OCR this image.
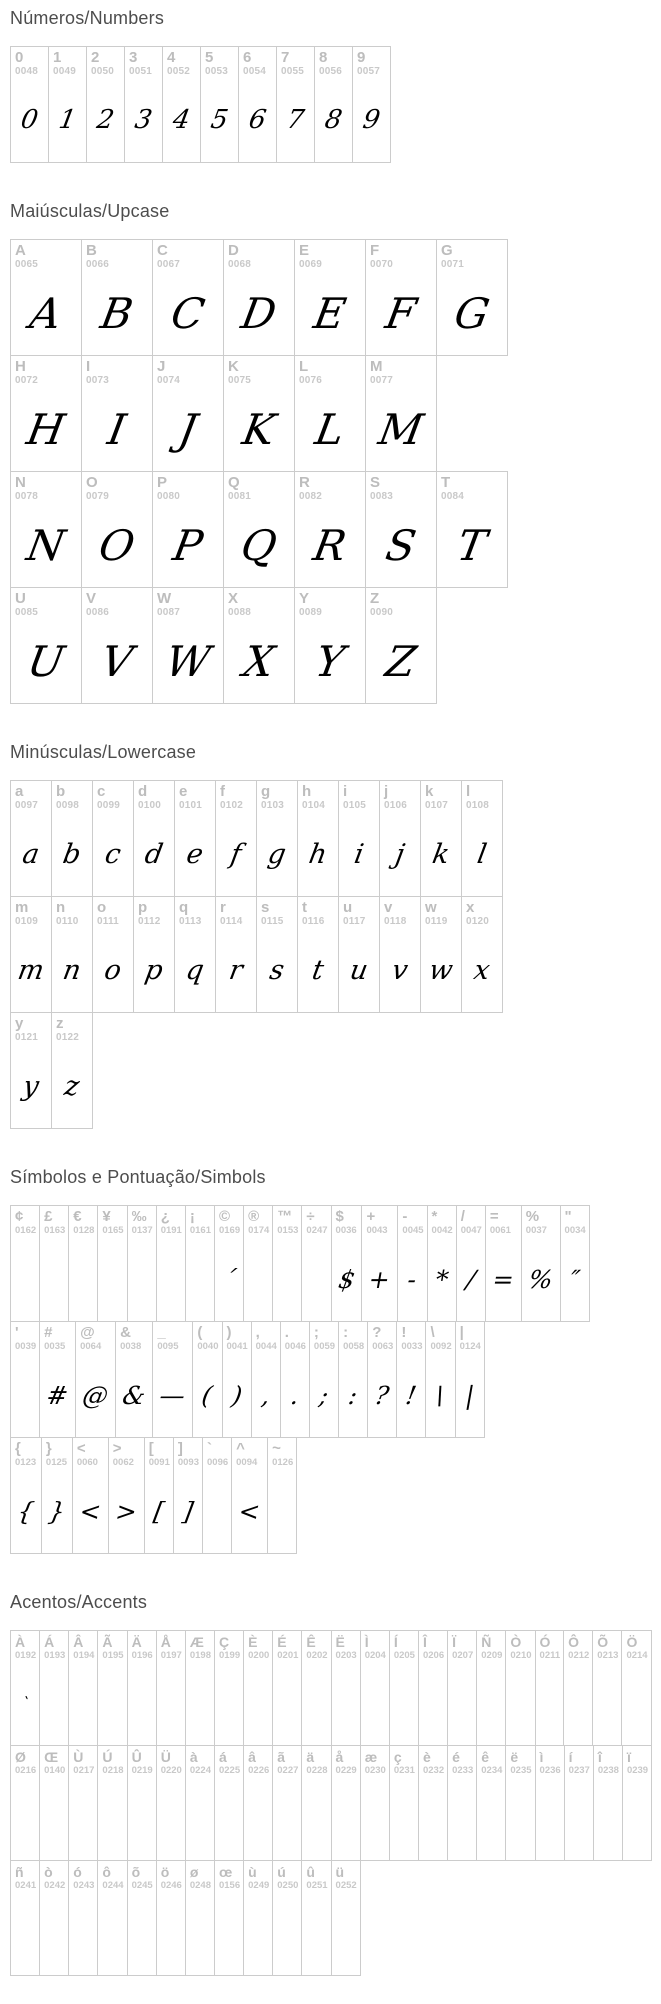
Números/Numbers
0
0048
0
1
0049
1
2
0050
2
3
0051
3
4
0052
4
5
0053
5
6
0054
6
7
0055
7
8
0056
8
9
0057
9
Maiúsculas/Upcase
A
0065
A
B
0066
B
C
0067
C
D
0068
D
E
0069
E
F
0070
F
G
0071
G
H
0072
H
I
0073
I
J
0074
J
K
0075
K
L
0076
L
M
0077
M
N
0078
N
O
0079
O
P
0080
P
Q
0081
Q
R
0082
R
S
0083
S
T
0084
T
U
0085
U
V
0086
V
W
0087
W
X
0088
X
Y
0089
Y
Z
0090
Z
Minúsculas/Lowercase
a
0097
a
b
0098
b
c
0099
c
d
0100
d
e
0101
e
f
0102
f
g
0103
g
h
0104
h
i
0105
i
j
0106
j
k
0107
k
l
0108
l
m
0109
m
n
0110
n
o
0111
o
p
0112
p
q
0113
q
r
0114
r
s
0115
s
t
0116
t
u
0117
u
v
0118
v
w
0119
w
x
0120
x
y
0121
y
z
0122
z
Símbolos e Pontuação/Simbols
¢
0162
£
0163
€
0128
¥
0165
‰
0137
¿
0191
¡
0161
©
0169
´
®
0174
™
0153
÷
0247
$
0036
$
+
0043
+
-
0045
-
*
0042
*
/
0047
/
=
0061
=
%
0037
%
"
0034
″
'
0039
#
0035
#
@
0064
@
&
0038
&
_
0095
—
(
0040
(
)
0041
)
,
0044
,
.
0046
.
;
0059
;
:
0058
:
?
0063
?
!
0033
!
\
0092
\
|
0124
|
{
0123
{
}
0125
}
<
0060
<
>
0062
>
[
0091
[
]
0093
]
`
0096
^
0094
<
~
0126
Acentos/Accents
À
0192
`
Á
0193
Â
0194
Ã
0195
Ä
0196
Å
0197
Æ
0198
Ç
0199
È
0200
É
0201
Ê
0202
Ë
0203
Ì
0204
Í
0205
Î
0206
Ï
0207
Ñ
0209
Ò
0210
Ó
0211
Ô
0212
Õ
0213
Ö
0214
Ø
0216
Œ
0140
Ù
0217
Ú
0218
Û
0219
Ü
0220
à
0224
á
0225
â
0226
ã
0227
ä
0228
å
0229
æ
0230
ç
0231
è
0232
é
0233
ê
0234
ë
0235
ì
0236
í
0237
î
0238
ï
0239
ñ
0241
ò
0242
ó
0243
ô
0244
õ
0245
ö
0246
ø
0248
œ
0156
ù
0249
ú
0250
û
0251
ü
0252
